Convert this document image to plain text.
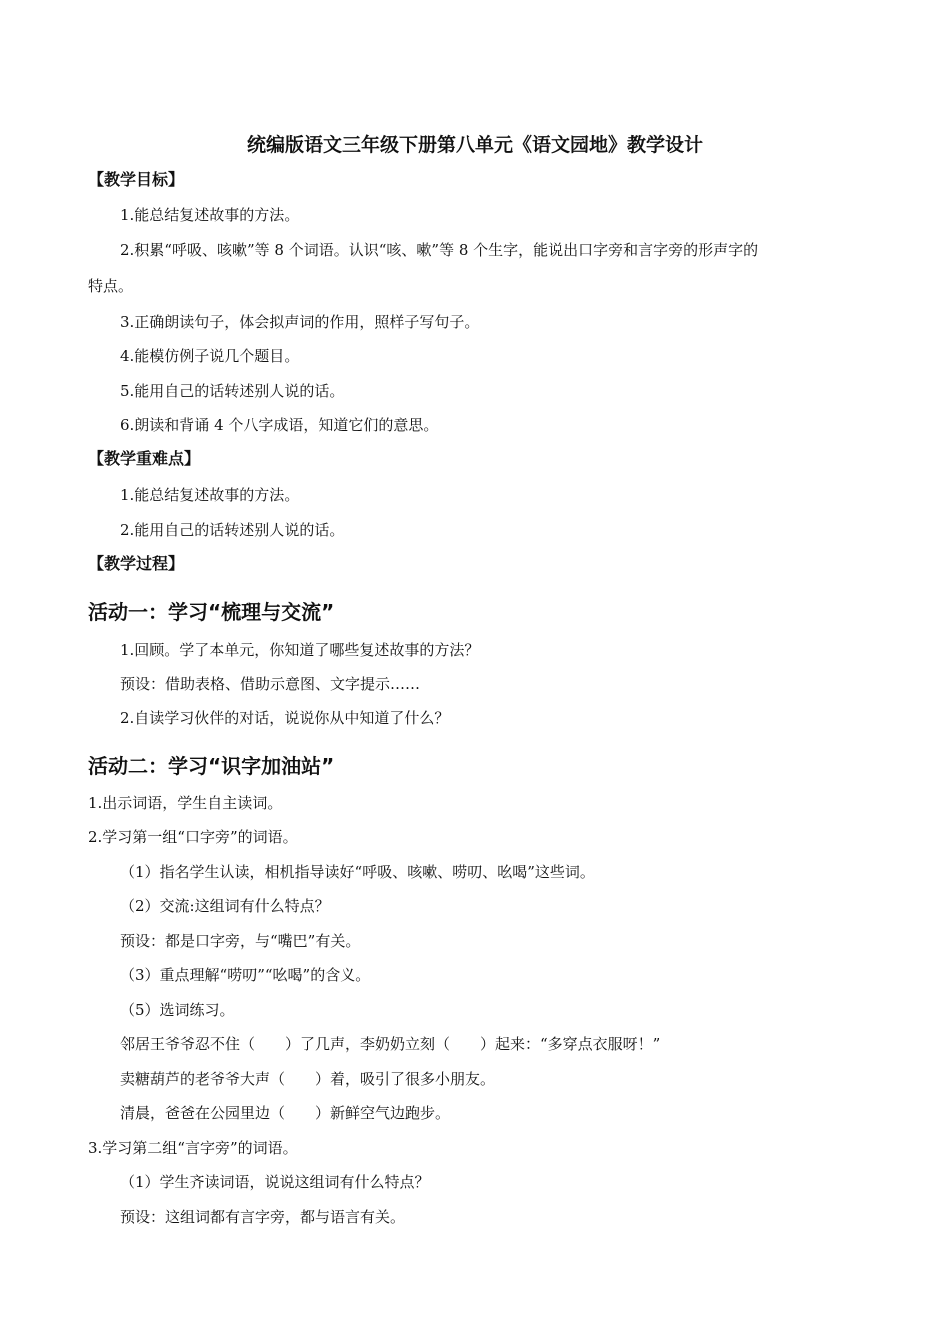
统编版语文三年级下册第八单元《语文园地》教学设计
【教学目标】
1.能总结复述故事的方法。
2.积累“呼吸、咳嗽”等 8 个词语。认识“咳、嗽”等 8 个生字，能说出口字旁和言字旁的形声字的
特点。
3.正确朗读句子，体会拟声词的作用，照样子写句子。
4.能模仿例子说几个题目。
5.能用自己的话转述别人说的话。
6.朗读和背诵 4 个八字成语，知道它们的意思。
【教学重难点】
1.能总结复述故事的方法。
2.能用自己的话转述别人说的话。
【教学过程】
活动一：学习“梳理与交流”
1.回顾。学了本单元，你知道了哪些复述故事的方法？
预设：借助表格、借助示意图、文字提示……
2.自读学习伙伴的对话，说说你从中知道了什么？
活动二：学习“识字加油站”
1.出示词语，学生自主读词。
2.学习第一组“口字旁”的词语。
（1）指名学生认读，相机指导读好“呼吸、咳嗽、唠叨、吆喝”这些词。
（2）交流:这组词有什么特点？
预设：都是口字旁，与“嘴巴”有关。
（3）重点理解“唠叨”“吆喝”的含义。
（5）选词练习。
邻居王爷爷忍不住（　　）了几声，李奶奶立刻（　　）起来：“多穿点衣服呀！”
卖糖葫芦的老爷爷大声（　　）着，吸引了很多小朋友。
清晨，爸爸在公园里边（　　）新鲜空气边跑步。
3.学习第二组“言字旁”的词语。
（1）学生齐读词语，说说这组词有什么特点？
预设：这组词都有言字旁，都与语言有关。
